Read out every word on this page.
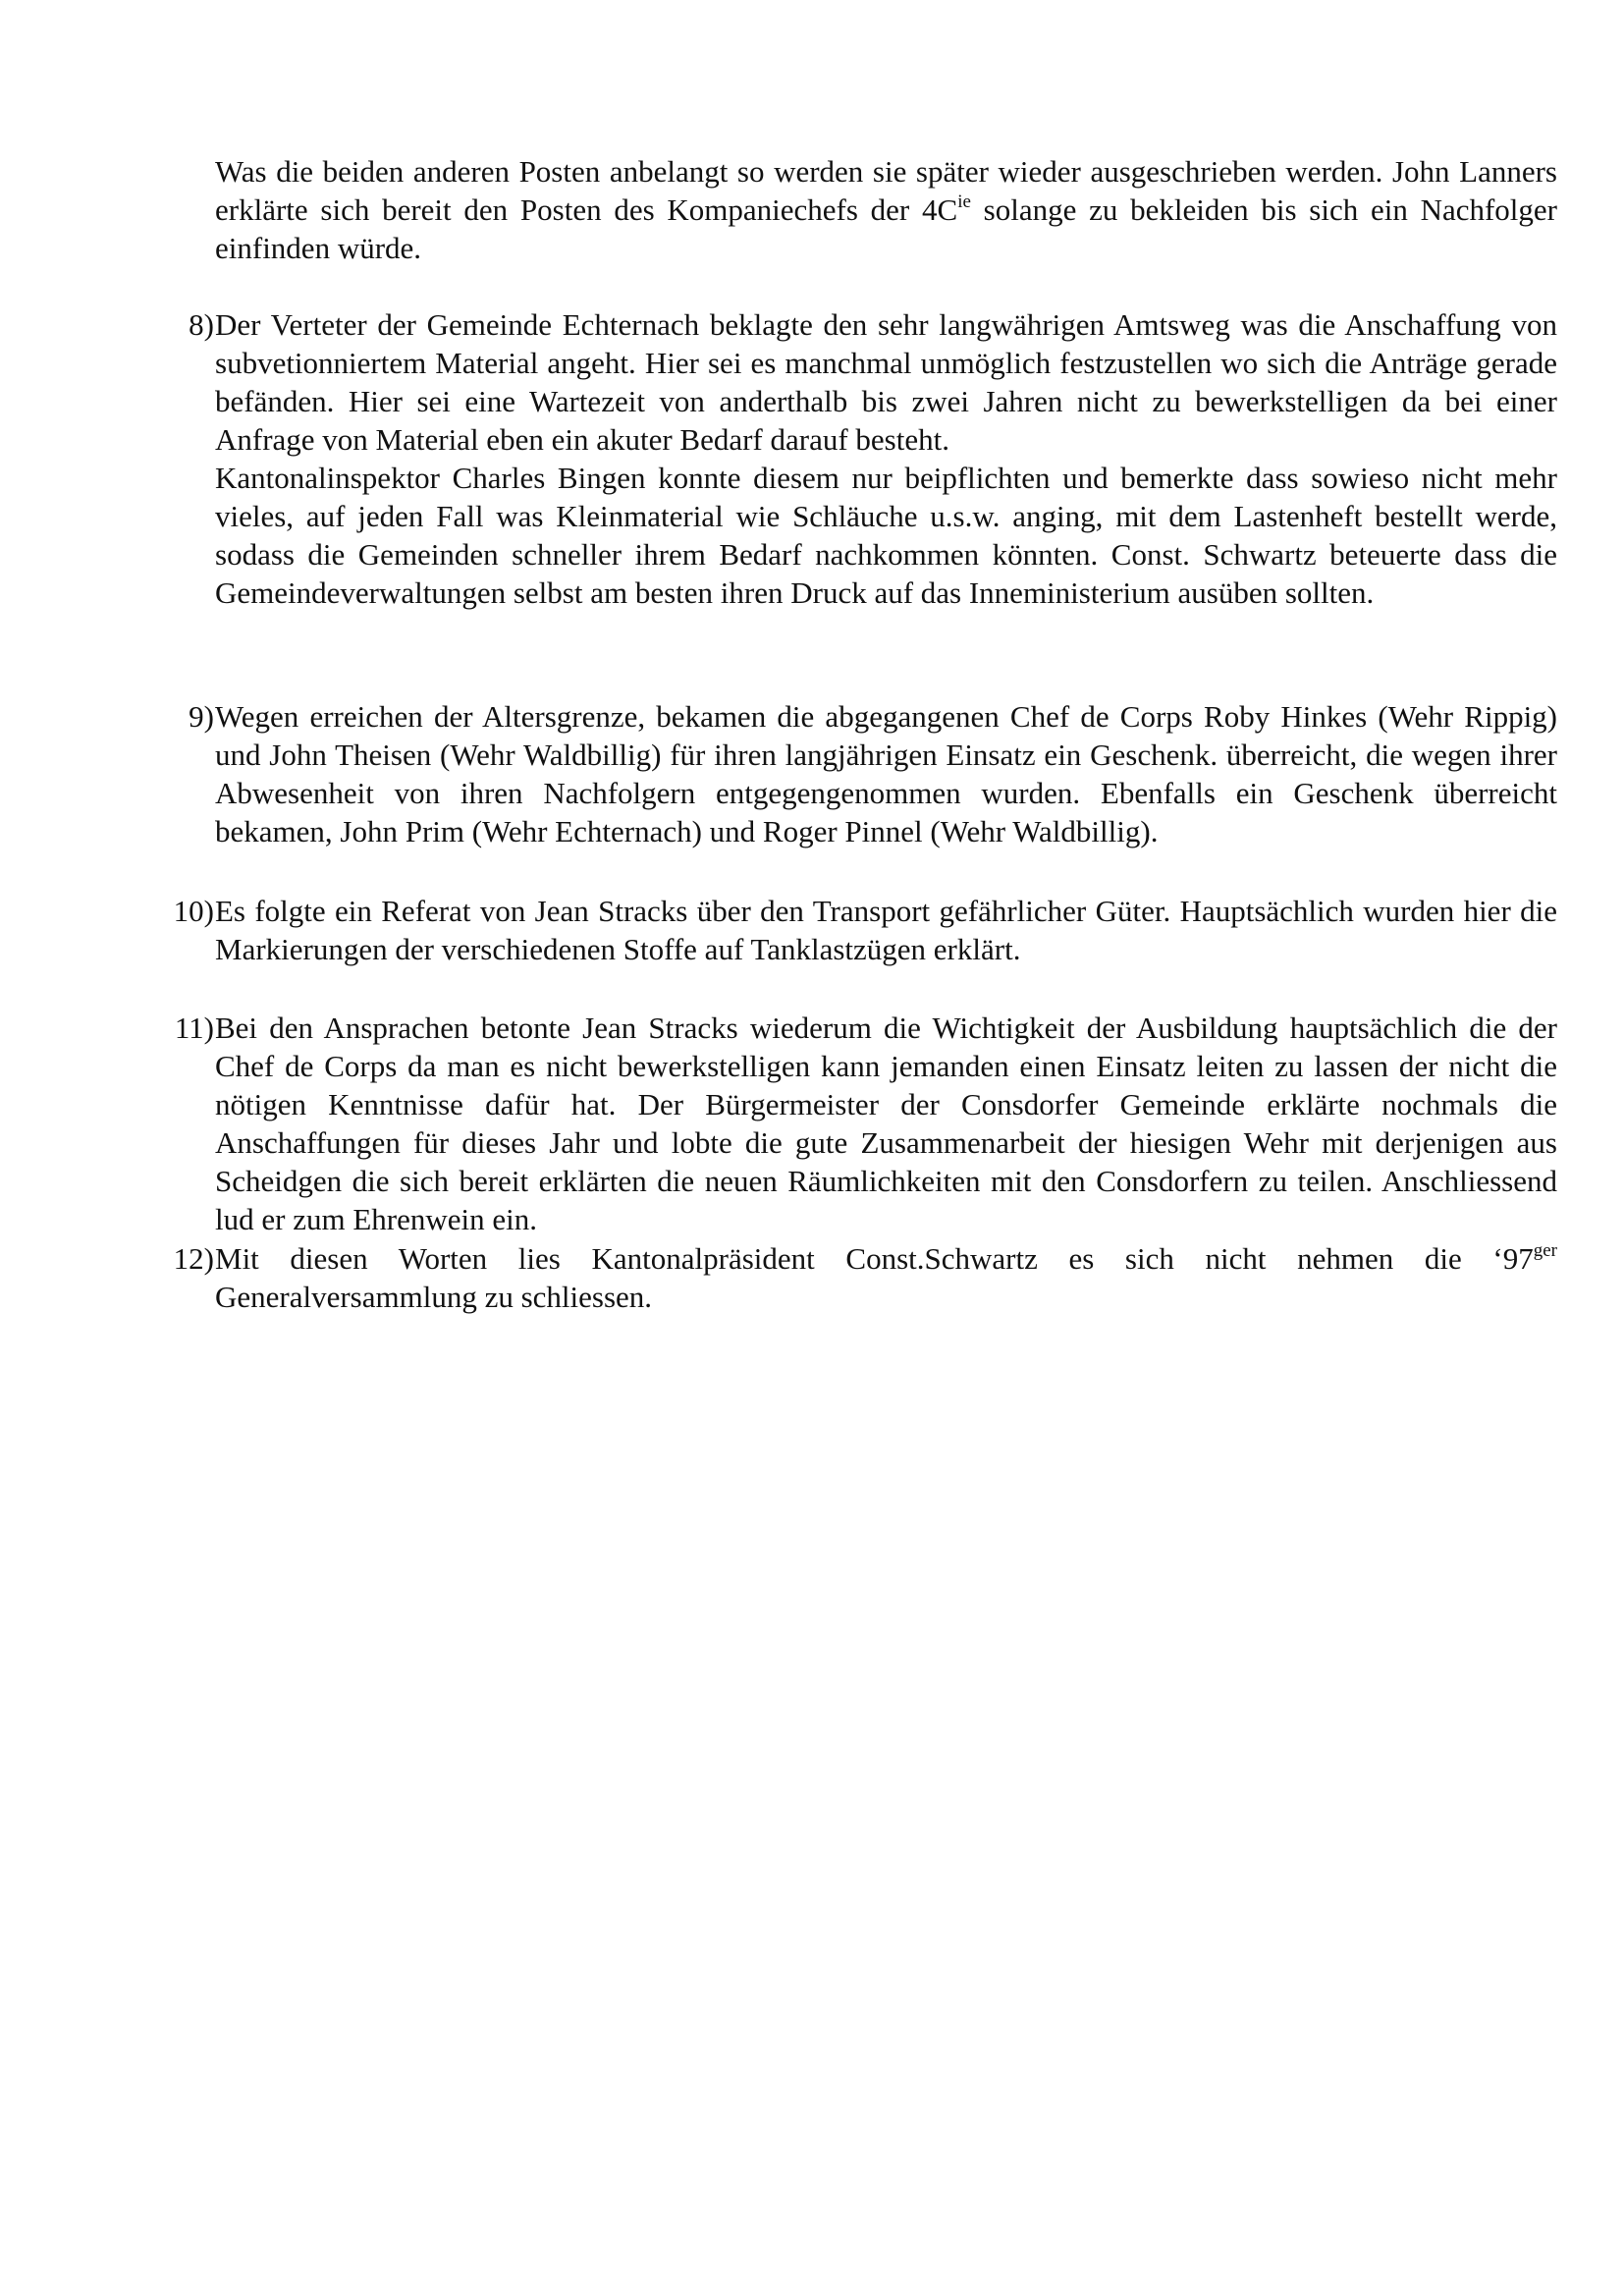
Was die beiden anderen Posten anbelangt so werden sie später wieder ausgeschrieben werden. John Lanners erklärte sich bereit den Posten des Kompaniechefs der $4C^{ie}$ solange zu bekleiden bis sich ein Nachfolger einfinden würde.

8) Der Verteter der Gemeinde Echternach beklagte den sehr langwährigen Amtsweg was die Anschaffung von subvetionniertem Material angeht. Hier sei es manchmal unmöglich festzustellen wo sich die Anträge gerade befänden. Hier sei eine Wartezeit von anderthalb bis zwei Jahren nicht zu bewerkstelligen da bei einer Anfrage von Material eben ein akuter Bedarf darauf besteht.

Kantonalinspektor Charles Bingen konnte diesem nur beipflichten und bemerkte dass sowieso nicht mehr vieles, auf jeden Fall was Kleinmaterial wie Schläuche u.s.w. anging, mit dem Lastenheft bestellt werde, sodass die Gemeinden schneller ihrem Bedarf nachkommen könnten. Const. Schwartz beteuerte dass die Gemeindeverwaltungen selbst am besten ihren Druck auf das Inneministerium ausüben sollten.

9) Wegen erreichen der Altersgrenze, bekamen die abgegangenen Chef de Corps Roby Hinkes (Wehr Rippig) und John Theisen (Wehr Waldbillig) für ihren langjährigen Einsatz ein Geschenk. überreicht, die wegen ihrer Abwesenheit von ihren Nachfolgern entgegengenommen wurden. Ebenfalls ein Geschenk überreicht bekamen, John Prim (Wehr Echternach) und Roger Pinnel (Wehr Waldbillig).

10) Es folgte ein Referat von Jean Stracks über den Transport gefährlicher Güter. Hauptsächlich wurden hier die Markierungen der verschiedenen Stoffe auf Tanklastzügen erklärt.

11) Bei den Ansprachen betonte Jean Stracks wiederum die Wichtigkeit der Ausbildung hauptsächlich die der Chef de Corps da man es nicht bewerkstelligen kann jemanden einen Einsatz leiten zu lassen der nicht die nötigen Kenntnisse dafür hat. Der Bürgermeister der Consdorfer Gemeinde erklärte nochmals die Anschaffungen für dieses Jahr und lobte die gute Zusammenarbeit der hiesigen Wehr mit derjenigen aus Scheidgen die sich bereit erklärten die neuen Räumlichkeiten mit den Consdorfern zu teilen. Anschliessend lud er zum Ehrenwein ein.

12) Mit diesen Worten lies Kantonalpräsident Const.Schwartz es sich nicht nehmen die ‘$97^{ger}$ Generalversammlung zu schliessen.
